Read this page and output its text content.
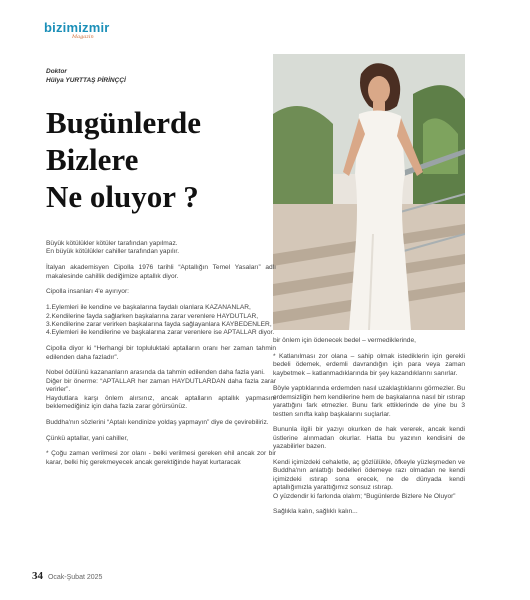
bizimizmir
Magazin
Doktor
Hülya YURTTAŞ PİRİNÇÇİ
Bugünlerde
Bizlere
Ne oluyor ?

Büyük kötülükler kötüler tarafından yapılmaz.
En büyük kötülükler cahiller tarafından yapılır.

İtalyan akademisyen Cipolla 1976 tarihli “Aptallığın Temel Yasaları” adlı makalesinde cahillik dediğimize aptallık diyor.

Cipolla insanları 4'e ayırıyor:

1.Eylemleri ile kendine ve başkalarına faydalı olanlara KAZANANLAR,
2.Kendilerine fayda sağlarken başkalarına zarar verenlere HAYDUTLAR,
3.Kendilerine zarar verirken başkalarına fayda sağlayanlara KAYBEDENLER,
4.Eylemleri ile kendilerine ve başkalarına zarar verenlere ise APTALLAR diyor.

Cipolla diyor ki “Herhangi bir topluluktaki aptalların oranı her zaman tahmin edilenden daha fazladır”.

Nobel ödülünü kazananların arasında da tahmin edilenden daha fazla yani.
Diğer bir önerme: “APTALLAR her zaman HAYDUTLARDAN daha fazla zarar verirler”.
Haydutlara karşı önlem alırsınız, ancak aptalların aptallık yapmasını beklemediğiniz için daha fazla zarar görürsünüz.

Buddha'nın sözlerini “Aptalı kendinize yoldaş yapmayın” diye de çevirebiliriz.

Çünkü aptallar, yani cahiller,

* Çoğu zaman verilmesi zor olanı - belki verilmesi gereken ehil ancak zor bir karar, belki hiç gerekmeyecek ancak gerektiğinde hayat kurtaracak

bir önlem için ödenecek bedel – vermediklerinde,

* Katlanılması zor olana – sahip olmak istediklerin için gerekli bedeli ödemek, erdemli davrandığın için para veya zaman kaybetmek – katlanmadıklarında bir şey kazandıklarını sanırlar.

Böyle yaptıklarında erdemden nasıl uzaklaştıklarını görmezler. Bu erdemsizliğin hem kendilerine hem de başkalarına nasıl bir ıstırap yarattığını fark etmezler. Bunu fark ettiklerinde de yine bu 3 testten sınıfta kalıp başkalarını suçlarlar.

Bununla ilgili bir yazıyı okurken de hak vererek, ancak kendi üstlerine alınmadan okurlar. Hatta bu yazının kendisini de yazabilirler bazen.

Kendi içimizdeki cehaletle, aç gözlülükle, öfkeyle yüzleşmeden ve Buddha'nın anlattığı bedelleri ödemeye razı olmadan ne kendi içimizdeki ıstırap sona erecek, ne de dünyada kendi aptallığımızla yarattığımız sonsuz ıstırap.
O yüzdendir ki farkında olalım; “Bugünlerde Bizlere Ne Oluyor”

Sağlıkla kalın, sağlıklı kalın...

34 Ocak-Şubat 2025
